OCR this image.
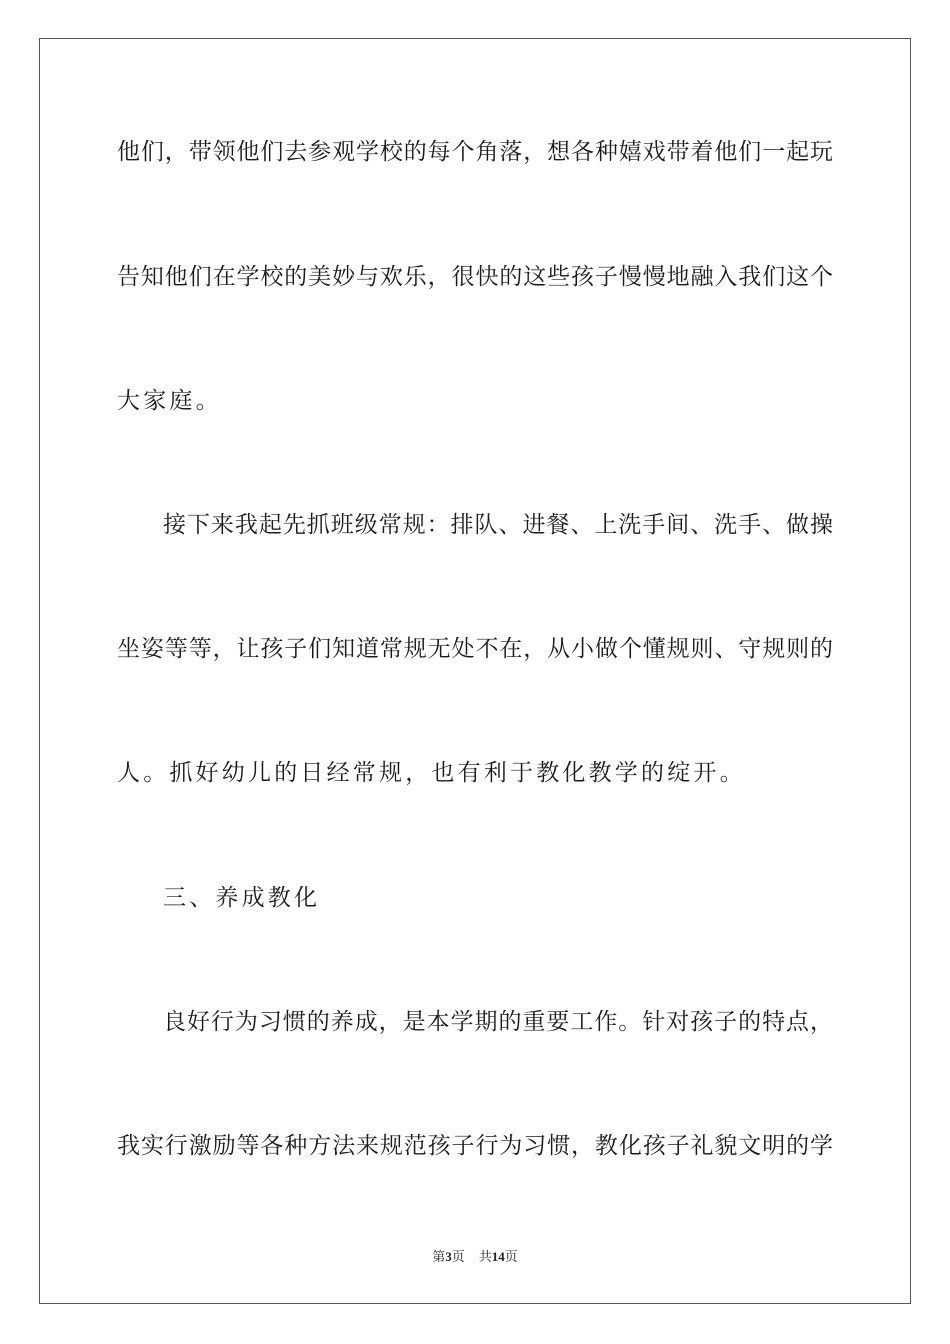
他们，带领他们去参观学校的每个角落，想各种嬉戏带着他们一起玩
告知他们在学校的美妙与欢乐，很快的这些孩子慢慢地融入我们这个
大家庭。
接下来我起先抓班级常规：排队、进餐、上洗手间、洗手、做操
坐姿等等，让孩子们知道常规无处不在，从小做个懂规则、守规则的
人。抓好幼儿的日经常规，也有利于教化教学的绽开。
三、养成教化
良好行为习惯的养成，是本学期的重要工作。针对孩子的特点，
我实行激励等各种方法来规范孩子行为习惯，教化孩子礼貌文明的学
第3页 共14页
